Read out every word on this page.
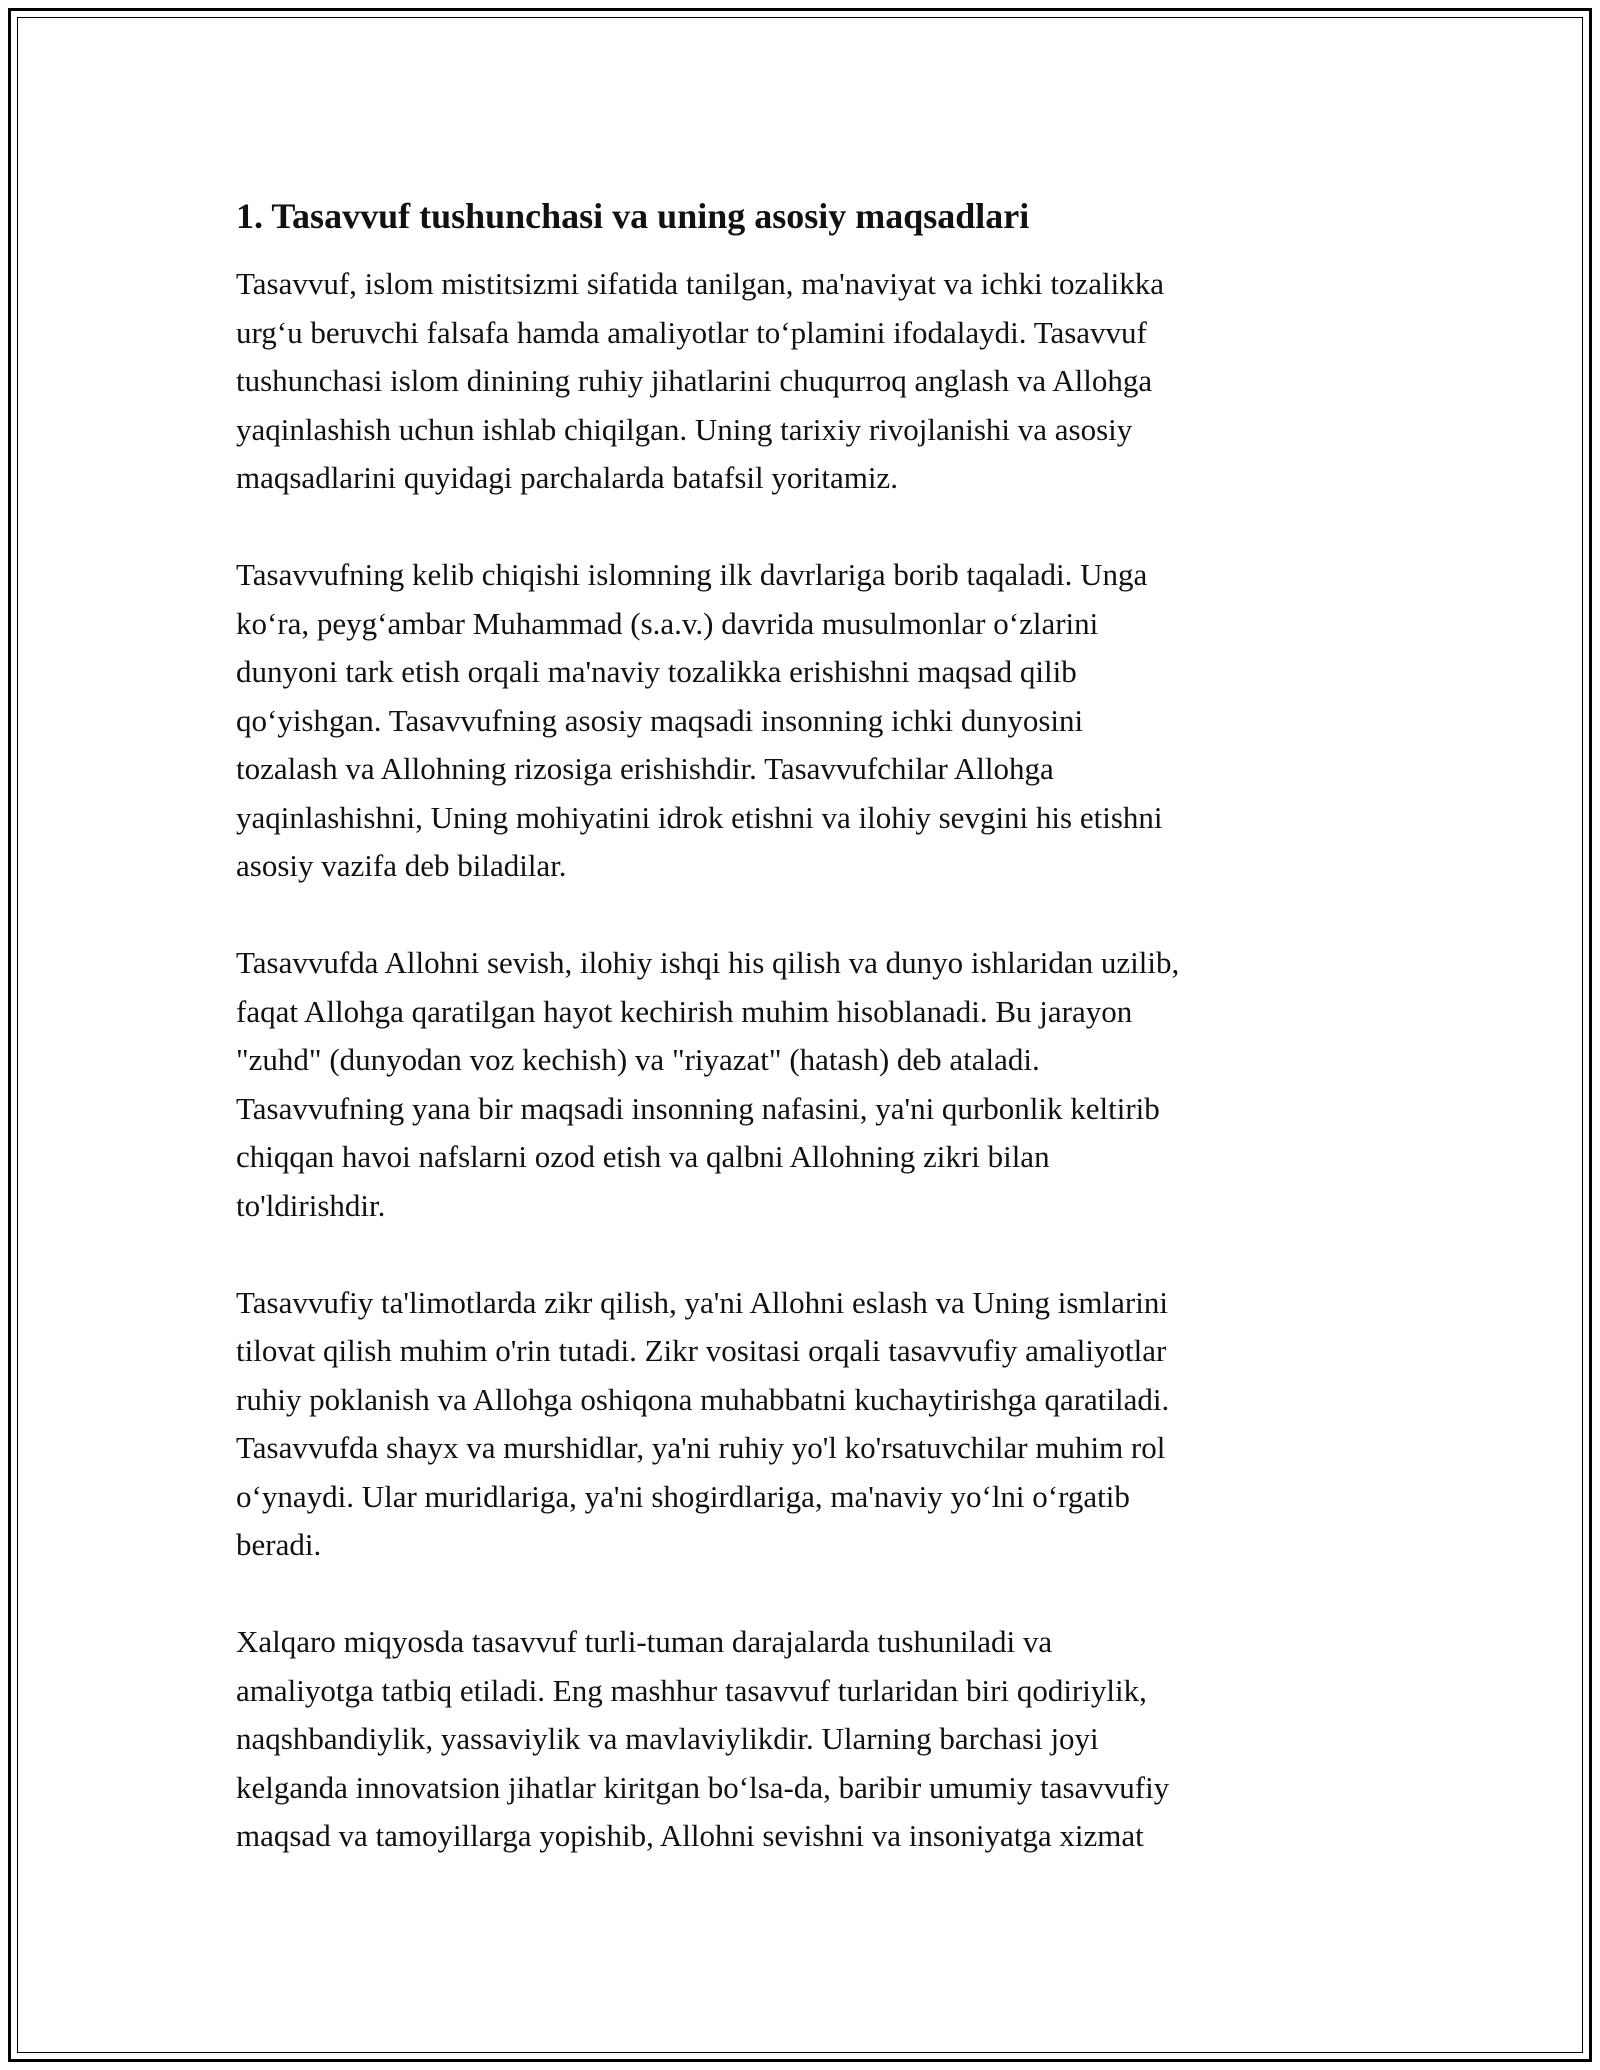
1. Tasavvuf tushunchasi va uning asosiy maqsadlari

Tasavvuf, islom mistitsizmi sifatida tanilgan, ma'naviyat va ichki tozalikka
urg‘u beruvchi falsafa hamda amaliyotlar to‘plamini ifodalaydi. Tasavvuf
tushunchasi islom dinining ruhiy jihatlarini chuqurroq anglash va Allohga
yaqinlashish uchun ishlab chiqilgan. Uning tarixiy rivojlanishi va asosiy
maqsadlarini quyidagi parchalarda batafsil yoritamiz.

Tasavvufning kelib chiqishi islomning ilk davrlariga borib taqaladi. Unga
ko‘ra, peyg‘ambar Muhammad (s.a.v.) davrida musulmonlar o‘zlarini
dunyoni tark etish orqali ma'naviy tozalikka erishishni maqsad qilib
qo‘yishgan. Tasavvufning asosiy maqsadi insonning ichki dunyosini
tozalash va Allohning rizosiga erishishdir. Tasavvufchilar Allohga
yaqinlashishni, Uning mohiyatini idrok etishni va ilohiy sevgini his etishni
asosiy vazifa deb biladilar.

Tasavvufda Allohni sevish, ilohiy ishqi his qilish va dunyo ishlaridan uzilib,
faqat Allohga qaratilgan hayot kechirish muhim hisoblanadi. Bu jarayon
"zuhd" (dunyodan voz kechish) va "riyazat" (hatash) deb ataladi.
Tasavvufning yana bir maqsadi insonning nafasini, ya'ni qurbonlik keltirib
chiqqan havoi nafslarni ozod etish va qalbni Allohning zikri bilan
to'ldirishdir.

Tasavvufiy ta'limotlarda zikr qilish, ya'ni Allohni eslash va Uning ismlarini
tilovat qilish muhim o'rin tutadi. Zikr vositasi orqali tasavvufiy amaliyotlar
ruhiy poklanish va Allohga oshiqona muhabbatni kuchaytirishga qaratiladi.
Tasavvufda shayx va murshidlar, ya'ni ruhiy yo'l ko'rsatuvchilar muhim rol
o‘ynaydi. Ular muridlariga, ya'ni shogirdlariga, ma'naviy yo‘lni o‘rgatib
beradi.

Xalqaro miqyosda tasavvuf turli-tuman darajalarda tushuniladi va
amaliyotga tatbiq etiladi. Eng mashhur tasavvuf turlaridan biri qodiriylik,
naqshbandiylik, yassaviylik va mavlaviylikdir. Ularning barchasi joyi
kelganda innovatsion jihatlar kiritgan bo‘lsa-da, baribir umumiy tasavvufiy
maqsad va tamoyillarga yopishib, Allohni sevishni va insoniyatga xizmat
